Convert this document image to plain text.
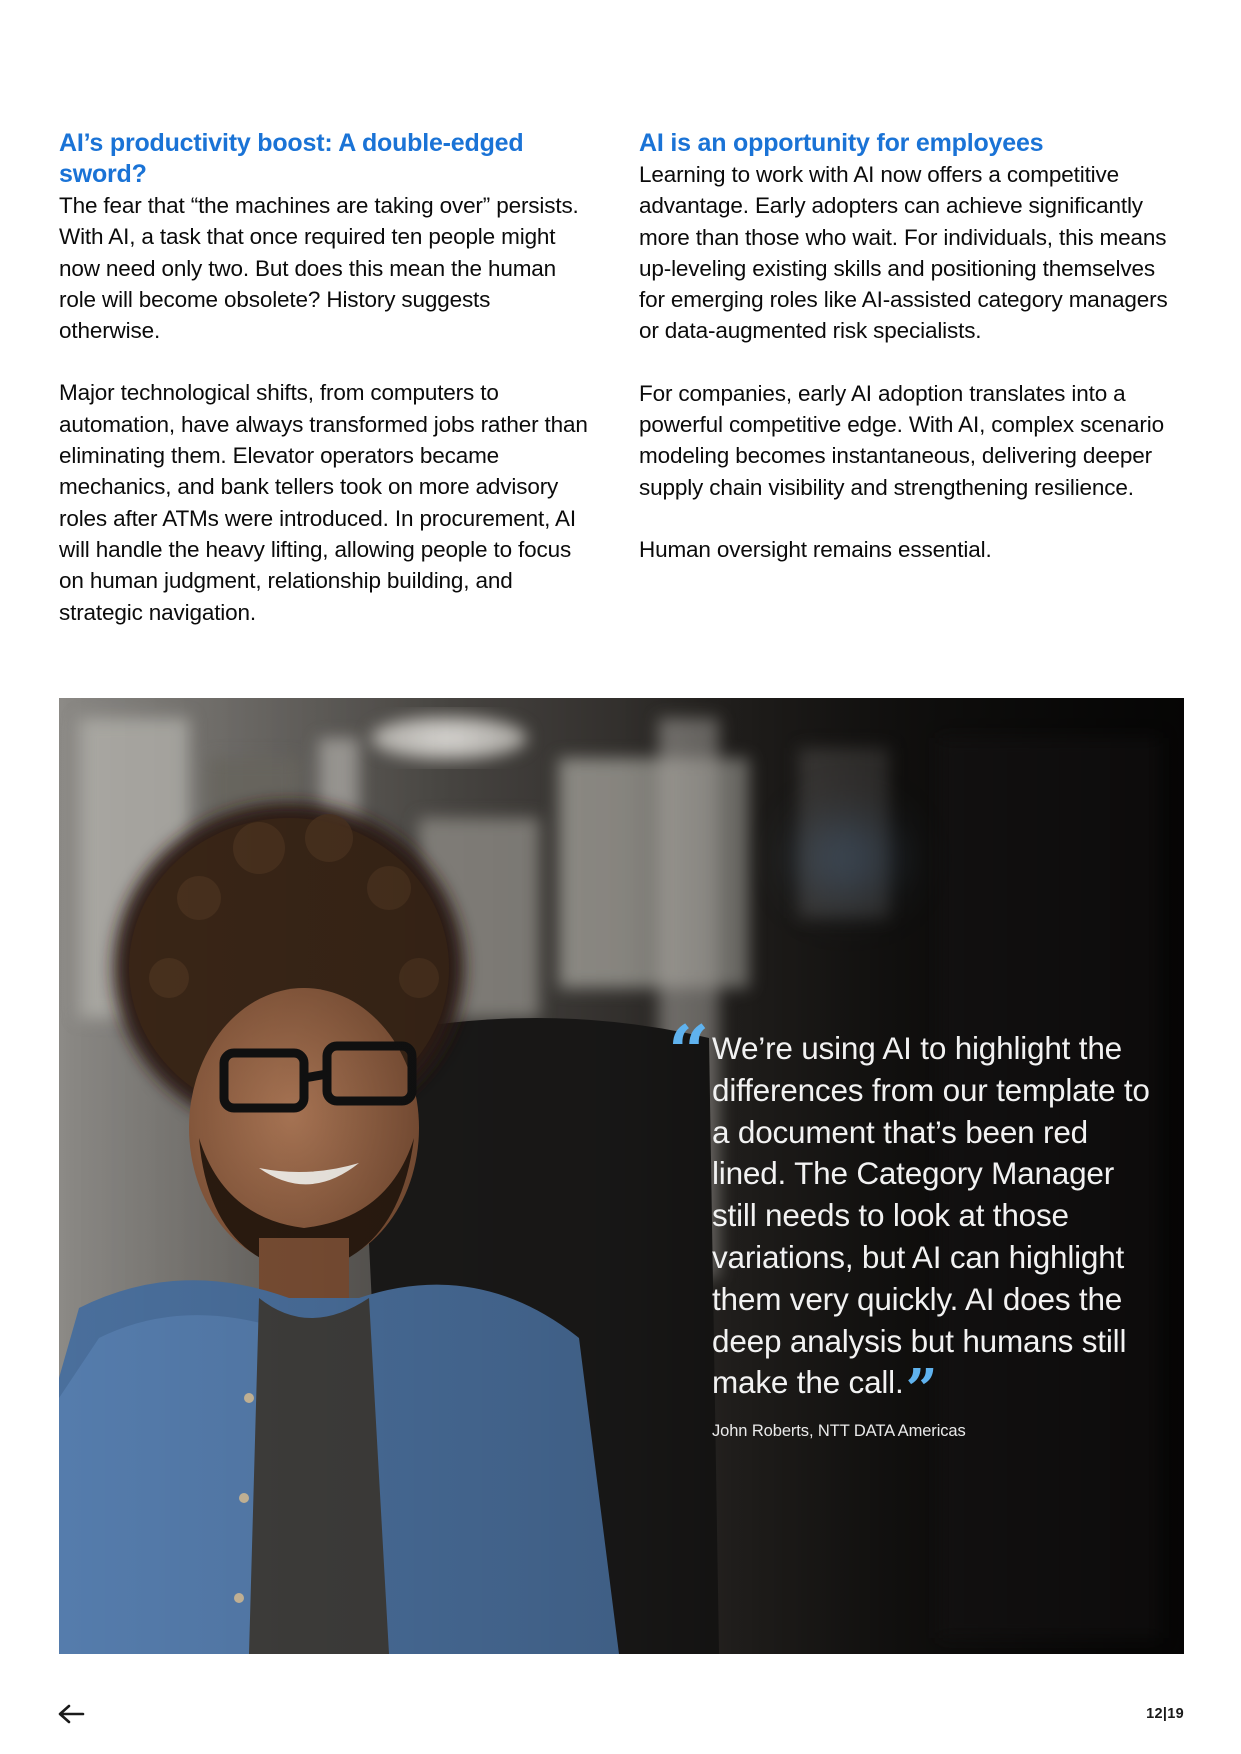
AI’s productivity boost: A double-edged sword?

The fear that “the machines are taking over” persists. With AI, a task that once required ten people might now need only two. But does this mean the human role will become obsolete? History suggests otherwise.

Major technological shifts, from computers to automation, have always transformed jobs rather than eliminating them. Elevator operators became mechanics, and bank tellers took on more advisory roles after ATMs were introduced. In procurement, AI will handle the heavy lifting, allowing people to focus on human judgment, relationship building, and strategic navigation.

AI is an opportunity for employees

Learning to work with AI now offers a competitive advantage. Early adopters can achieve significantly more than those who wait. For individuals, this means up-leveling existing skills and positioning themselves for emerging roles like AI-assisted category managers or data-augmented risk specialists.

For companies, early AI adoption translates into a powerful competitive edge. With AI, complex scenario modeling becomes instantaneous, delivering deeper supply chain visibility and strengthening resilience.

Human oversight remains essential.

“ We’re using AI to highlight the differences from our template to a document that’s been red lined. The Category Manager still needs to look at those variations, but AI can highlight them very quickly. AI does the deep analysis but humans still make the call.”

John Roberts, NTT DATA Americas
12|19
